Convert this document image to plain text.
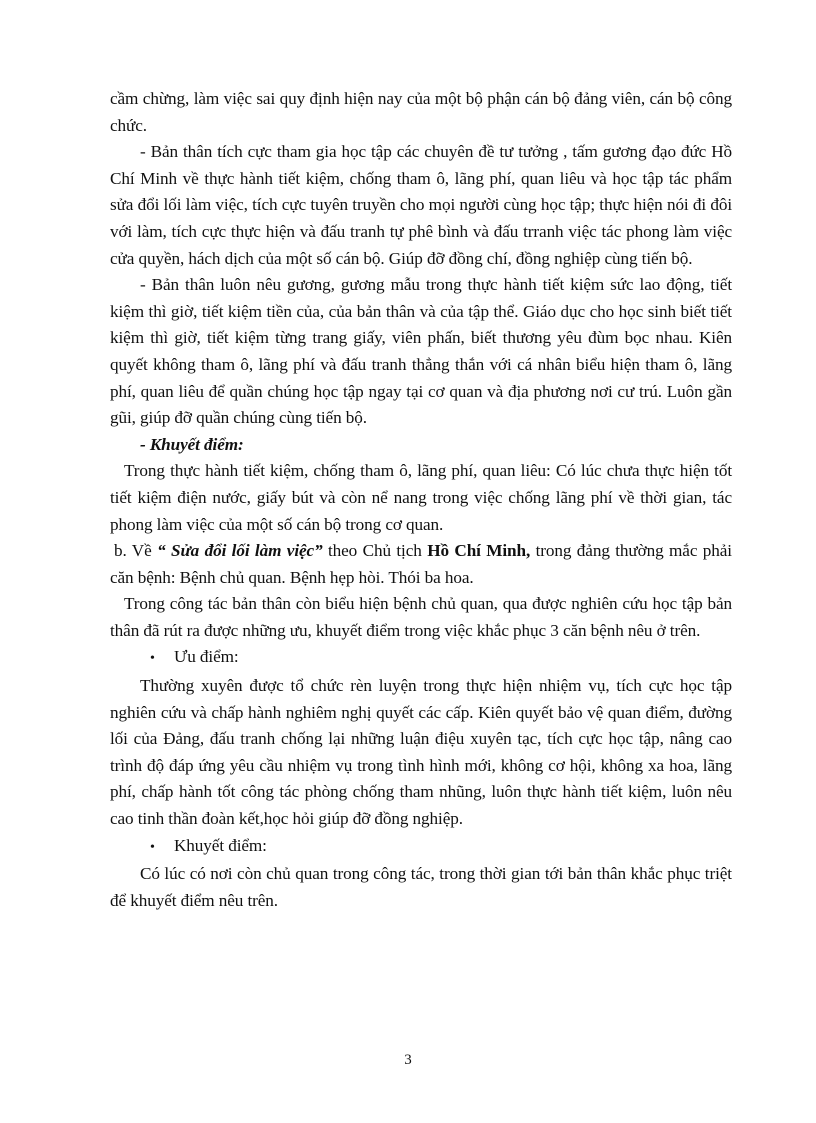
cầm chừng, làm việc sai quy định hiện nay của một bộ phận cán bộ đảng viên, cán bộ công chức.

- Bản thân tích cực tham gia học tập các chuyên đề tư tưởng , tấm gương đạo đức Hồ Chí Minh về thực hành tiết kiệm, chống tham ô, lãng phí, quan liêu và học tập tác phẩm sửa đổi lối làm việc, tích cực tuyên truyền cho mọi người cùng học tập; thực hiện nói đi đôi với làm, tích cực thực hiện và đấu tranh tự phê bình và đấu trranh việc tác phong làm việc cửa quyền, hách dịch của một số cán bộ. Giúp đỡ đồng chí, đồng nghiệp cùng tiến bộ.

- Bản thân luôn nêu gương, gương mẫu trong thực hành tiết kiệm sức lao động, tiết kiệm thì giờ, tiết kiệm tiền của, của bản thân và của tập thể. Giáo dục cho học sinh biết tiết kiệm thì giờ, tiết kiệm từng trang giấy, viên phấn, biết thương yêu đùm bọc nhau. Kiên quyết không tham ô, lãng phí và đấu tranh thẳng thắn với cá nhân biểu hiện tham ô, lãng phí, quan liêu để quần chúng học tập ngay tại cơ quan và địa phương nơi cư trú. Luôn gần gũi, giúp đỡ quần chúng cùng tiến bộ.

- Khuyết điểm:

Trong thực hành tiết kiệm, chống tham ô, lãng phí, quan liêu: Có lúc chưa thực hiện tốt tiết kiệm điện nước, giấy bút và còn nể nang trong việc chống lãng phí về thời gian, tác phong làm việc của một số cán bộ trong cơ quan.

b. Về “ Sửa đổi lối làm việc” theo Chủ tịch Hồ Chí Minh, trong đảng thường mắc phải căn bệnh: Bệnh chủ quan. Bệnh hẹp hòi. Thói ba hoa.

Trong công tác bản thân còn biểu hiện bệnh chủ quan, qua được nghiên cứu học tập bản thân đã rút ra được những ưu, khuyết điểm trong việc khắc phục 3 căn bệnh nêu ở trên.

•	Ưu điểm:

Thường xuyên được tổ chức rèn luyện trong thực hiện nhiệm vụ, tích cực học tập nghiên cứu và chấp hành nghiêm nghị quyết các cấp. Kiên quyết bảo vệ quan điểm, đường lối của Đảng, đấu tranh chống lại những luận điệu xuyên tạc, tích cực học tập, nâng cao trình độ đáp ứng yêu cầu nhiệm vụ trong tình hình mới, không cơ hội, không xa hoa, lãng phí, chấp hành tốt công tác phòng chống tham nhũng, luôn thực hành tiết kiệm, luôn nêu cao tinh thần đoàn kết,học hỏi giúp đỡ đồng nghiệp.

•	Khuyết điểm:

Có lúc có nơi còn chủ quan trong công tác, trong thời gian tới bản thân khắc phục triệt để khuyết điểm nêu trên.

3
